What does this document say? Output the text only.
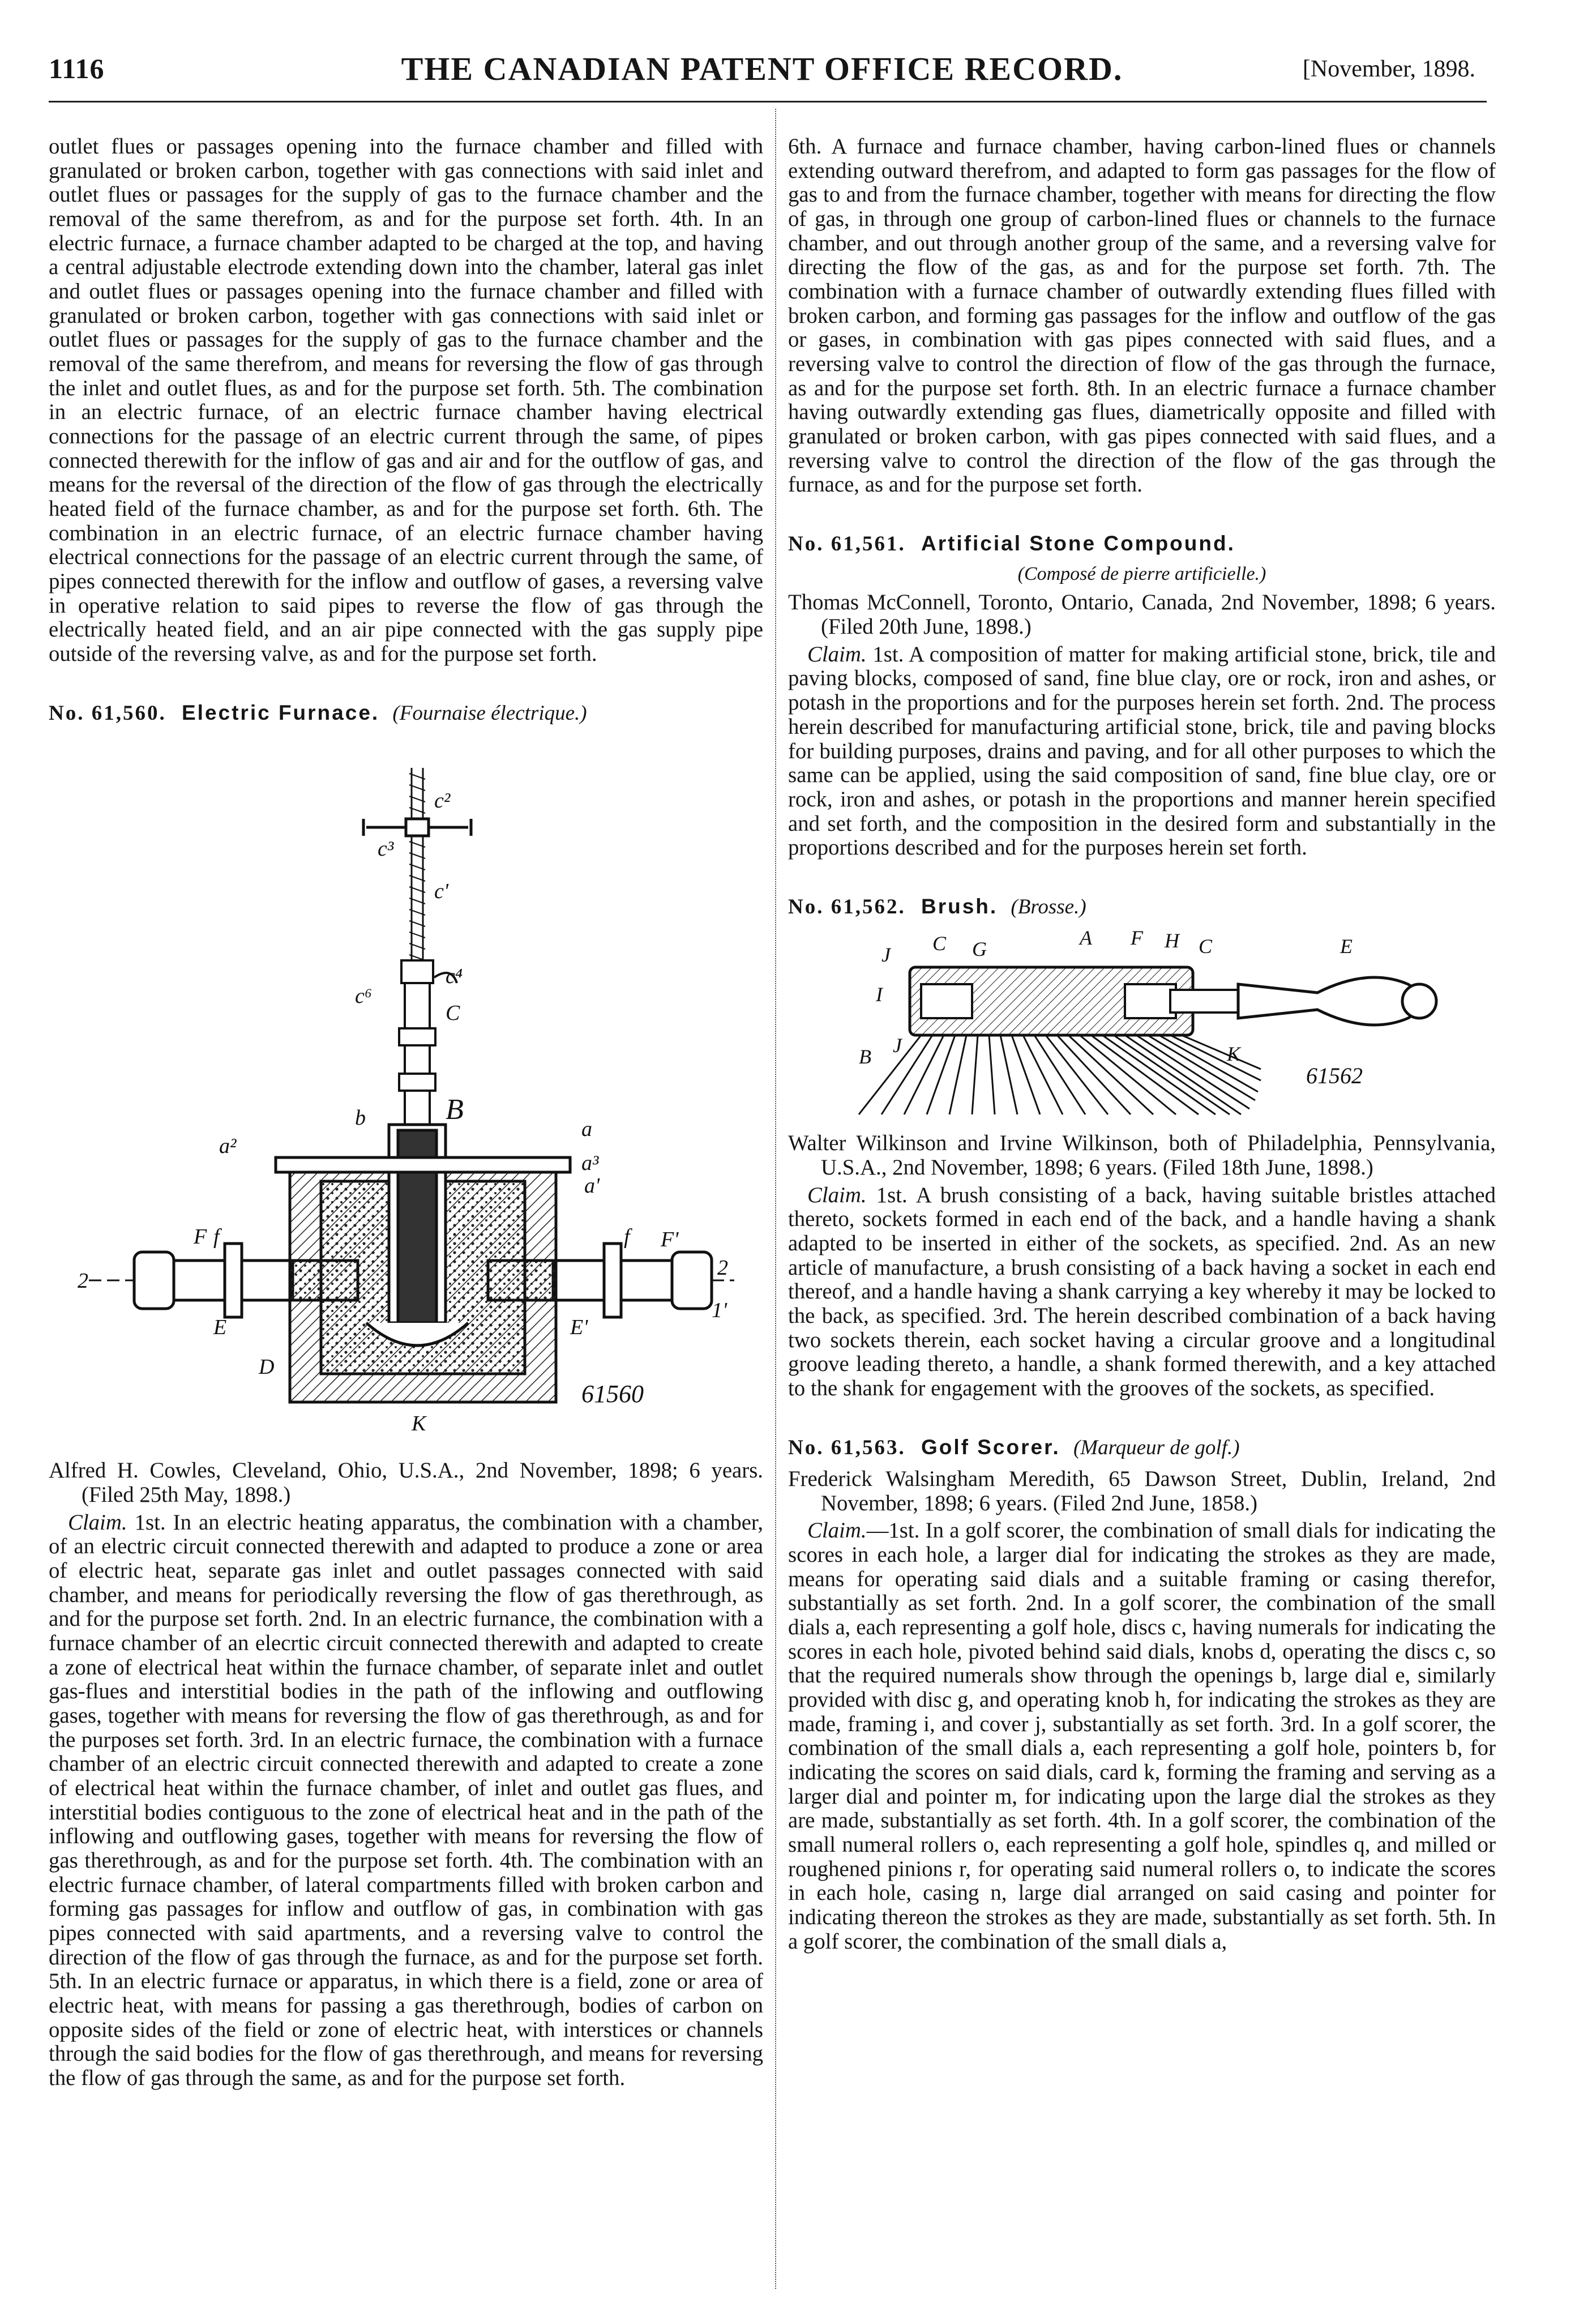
1116	THE CANADIAN PATENT OFFICE RECORD.	[November, 1898.

outlet flues or passages opening into the furnace chamber and filled with granulated or broken carbon, together with gas connections with said inlet and outlet flues or passages for the supply of gas to the furnace chamber and the removal of the same therefrom, as and for the purpose set forth. 4th. In an electric furnace, a furnace chamber adapted to be charged at the top, and having a central adjustable electrode extending down into the chamber, lateral gas inlet and outlet flues or passages opening into the furnace chamber and filled with granulated or broken carbon, together with gas connections with said inlet or outlet flues or passages for the supply of gas to the furnace chamber and the removal of the same therefrom, and means for reversing the flow of gas through the inlet and outlet flues, as and for the purpose set forth. 5th. The combination in an electric furnace, of an electric furnace chamber having electrical connections for the passage of an electric current through the same, of pipes connected therewith for the inflow of gas and air and for the outflow of gas, and means for the reversal of the direction of the flow of gas through the electrically heated field of the furnace chamber, as and for the purpose set forth. 6th. The combination in an electric furnace, of an electric furnace chamber having electrical connections for the passage of an electric current through the same, of pipes connected therewith for the inflow and outflow of gases, a reversing valve in operative relation to said pipes to reverse the flow of gas through the electrically heated field, and an air pipe connected with the gas supply pipe outside of the reversing valve, as and for the purpose set forth.

No. 61,560. Electric Furnace. (Fournaise électrique.)
c²
c³
c'
c⁴
c⁶
C
b	B
a
a²
a'
a³
f
F	f F'
E	E'
D
K
2
2
1'
61560

Alfred H. Cowles, Cleveland, Ohio, U.S.A., 2nd November, 1898; 6 years. (Filed 25th May, 1898.)

Claim. 1st. In an electric heating apparatus, the combination with a chamber, of an electric circuit connected therewith and adapted to produce a zone or area of electric heat, separate gas inlet and outlet passages connected with said chamber, and means for periodically reversing the flow of gas therethrough, as and for the purpose set forth. 2nd. In an electric furnance, the combination with a furnace chamber of an elecrtic circuit connected therewith and adapted to create a zone of electrical heat within the furnace chamber, of separate inlet and outlet gas-flues and interstitial bodies in the path of the inflowing and outflowing gases, together with means for reversing the flow of gas therethrough, as and for the purposes set forth. 3rd. In an electric furnace, the combination with a furnace chamber of an electric circuit connected therewith and adapted to create a zone of electrical heat within the furnace chamber, of inlet and outlet gas flues, and interstitial bodies contiguous to the zone of electrical heat and in the path of the inflowing and outflowing gases, together with means for reversing the flow of gas therethrough, as and for the purpose set forth. 4th. The combination with an electric furnace chamber, of lateral compartments filled with broken carbon and forming gas passages for inflow and outflow of gas, in combination with gas pipes connected with said apartments, and a reversing valve to control the direction of the flow of gas through the furnace, as and for the purpose set forth. 5th. In an electric furnace or apparatus, in which there is a field, zone or area of electric heat, with means for passing a gas therethrough, bodies of carbon on opposite sides of the field or zone of electric heat, with interstices or channels through the said bodies for the flow of gas therethrough, and means for reversing the flow of gas through the same, as and for the purpose set forth.

6th. A furnace and furnace chamber, having carbon-lined flues or channels extending outward therefrom, and adapted to form gas passages for the flow of gas to and from the furnace chamber, together with means for directing the flow of gas, in through one group of carbon-lined flues or channels to the furnace chamber, and out through another group of the same, and a reversing valve for directing the flow of the gas, as and for the purpose set forth. 7th. The combination with a furnace chamber of outwardly extending flues filled with broken carbon, and forming gas passages for the inflow and outflow of the gas or gases, in combination with gas pipes connected with said flues, and a reversing valve to control the direction of flow of the gas through the furnace, as and for the purpose set forth. 8th. In an electric furnace a furnace chamber having outwardly extending gas flues, diametrically opposite and filled with granulated or broken carbon, with gas pipes connected with said flues, and a reversing valve to control the direction of the flow of the gas through the furnace, as and for the purpose set forth.

No. 61,561. Artificial Stone Compound.
(Composé de pierre artificielle.)

Thomas McConnell, Toronto, Ontario, Canada, 2nd November, 1898; 6 years. (Filed 20th June, 1898.)

Claim. 1st. A composition of matter for making artificial stone, brick, tile and paving blocks, composed of sand, fine blue clay, ore or rock, iron and ashes, or potash in the proportions and for the purposes herein set forth. 2nd. The process herein described for manufacturing artificial stone, brick, tile and paving blocks for building purposes, drains and paving, and for all other purposes to which the same can be applied, using the said composition of sand, fine blue clay, ore or rock, iron and ashes, or potash in the proportions and manner herein specified and set forth, and the composition in the desired form and substantially in the proportions described and for the purposes herein set forth.

No. 61,562. Brush. (Brosse.)
J C G	A F H C	E
I
B J	K
61562

Walter Wilkinson and Irvine Wilkinson, both of Philadelphia, Pennsylvania, U.S.A., 2nd November, 1898; 6 years. (Filed 18th June, 1898.)

Claim. 1st. A brush consisting of a back, having suitable bristles attached thereto, sockets formed in each end of the back, and a handle having a shank adapted to be inserted in either of the sockets, as specified. 2nd. As an new article of manufacture, a brush consisting of a back having a socket in each end thereof, and a handle having a shank carrying a key whereby it may be locked to the back, as specified. 3rd. The herein described combination of a back having two sockets therein, each socket having a circular groove and a longitudinal groove leading thereto, a handle, a shank formed therewith, and a key attached to the shank for engagement with the grooves of the sockets, as specified.

No. 61,563. Golf Scorer. (Marqueur de golf.)

Frederick Walsingham Meredith, 65 Dawson Street, Dublin, Ireland, 2nd November, 1898; 6 years. (Filed 2nd June, 1858.)

Claim.—1st. In a golf scorer, the combination of small dials for indicating the scores in each hole, a larger dial for indicating the strokes as they are made, means for operating said dials and a suitable framing or casing therefor, substantially as set forth. 2nd. In a golf scorer, the combination of the small dials a, each representing a golf hole, discs c, having numerals for indicating the scores in each hole, pivoted behind said dials, knobs d, operating the discs c, so that the required numerals show through the openings b, large dial e, similarly provided with disc g, and operating knob h, for indicating the strokes as they are made, framing i, and cover j, substantially as set forth. 3rd. In a golf scorer, the combination of the small dials a, each representing a golf hole, pointers b, for indicating the scores on said dials, card k, forming the framing and serving as a larger dial and pointer m, for indicating upon the large dial the strokes as they are made, substantially as set forth. 4th. In a golf scorer, the combination of the small numeral rollers o, each representing a golf hole, spindles q, and milled or roughened pinions r, for operating said numeral rollers o, to indicate the scores in each hole, casing n, large dial arranged on said casing and pointer for indicating thereon the strokes as they are made, substantially as set forth. 5th. In a golf scorer, the combination of the small dials a,
